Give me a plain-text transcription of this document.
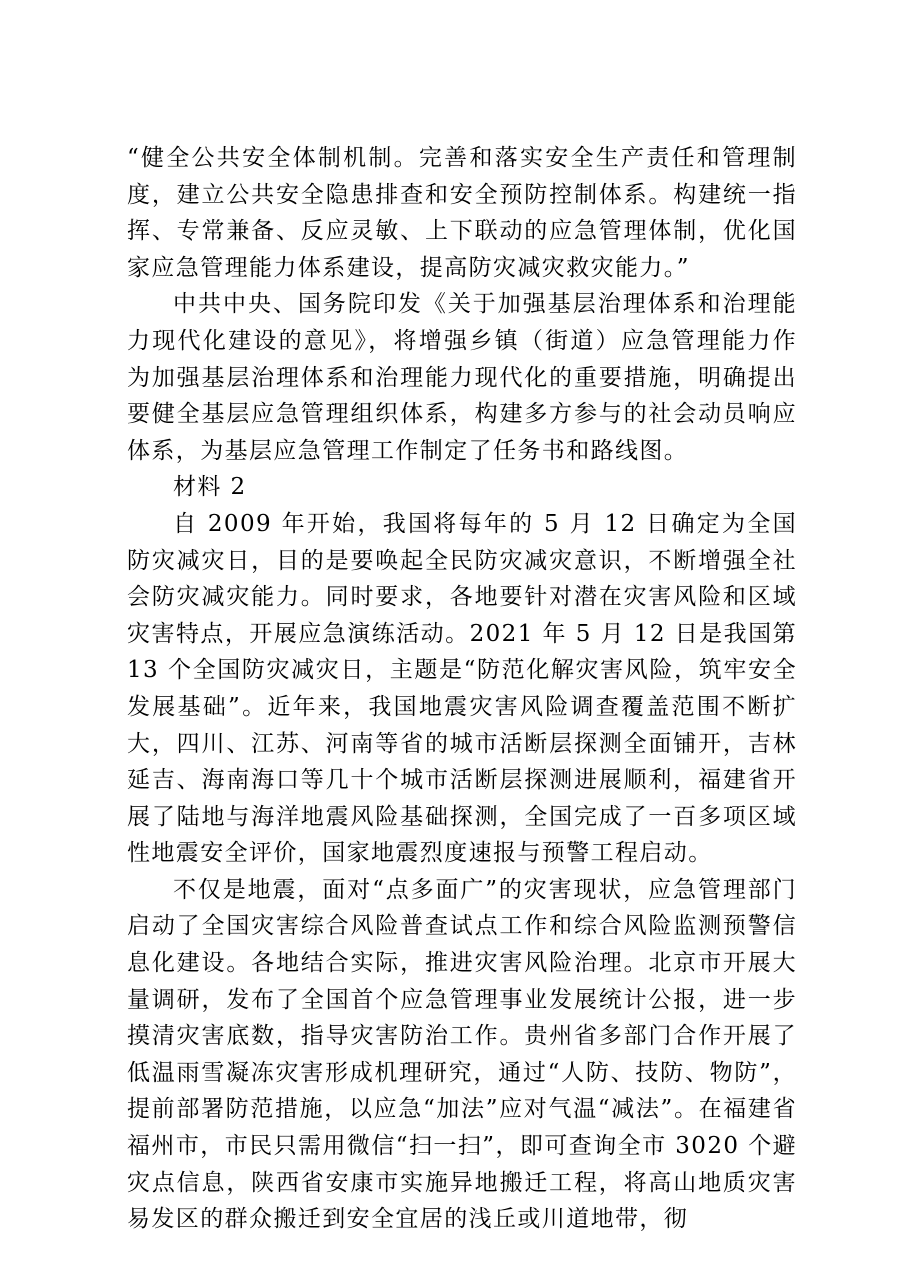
“健全公共安全体制机制。完善和落实安全生产责任和管理制度，建立公共安全隐患排查和安全预防控制体系。构建统一指挥、专常兼备、反应灵敏、上下联动的应急管理体制，优化国家应急管理能力体系建设，提高防灾减灾救灾能力。”

中共中央、国务院印发《关于加强基层治理体系和治理能力现代化建设的意见》，将增强乡镇（街道）应急管理能力作为加强基层治理体系和治理能力现代化的重要措施，明确提出要健全基层应急管理组织体系，构建多方参与的社会动员响应体系，为基层应急管理工作制定了任务书和路线图。

材料 2

自 2009 年开始，我国将每年的 5 月 12 日确定为全国防灾减灾日，目的是要唤起全民防灾减灾意识，不断增强全社会防灾减灾能力。同时要求，各地要针对潜在灾害风险和区域灾害特点，开展应急演练活动。2021 年 5 月 12 日是我国第 13 个全国防灾减灾日，主题是“防范化解灾害风险，筑牢安全发展基础”。近年来，我国地震灾害风险调查覆盖范围不断扩大，四川、江苏、河南等省的城市活断层探测全面铺开，吉林延吉、海南海口等几十个城市活断层探测进展顺利，福建省开展了陆地与海洋地震风险基础探测，全国完成了一百多项区域性地震安全评价，国家地震烈度速报与预警工程启动。

不仅是地震，面对“点多面广”的灾害现状，应急管理部门启动了全国灾害综合风险普查试点工作和综合风险监测预警信息化建设。各地结合实际，推进灾害风险治理。北京市开展大量调研，发布了全国首个应急管理事业发展统计公报，进一步摸清灾害底数，指导灾害防治工作。贵州省多部门合作开展了低温雨雪凝冻灾害形成机理研究，通过“人防、技防、物防”，提前部署防范措施，以应急“加法”应对气温“减法”。在福建省福州市，市民只需用微信“扫一扫”，即可查询全市 3020 个避灾点信息，陕西省安康市实施异地搬迁工程，将高山地质灾害易发区的群众搬迁到安全宜居的浅丘或川道地带，彻
